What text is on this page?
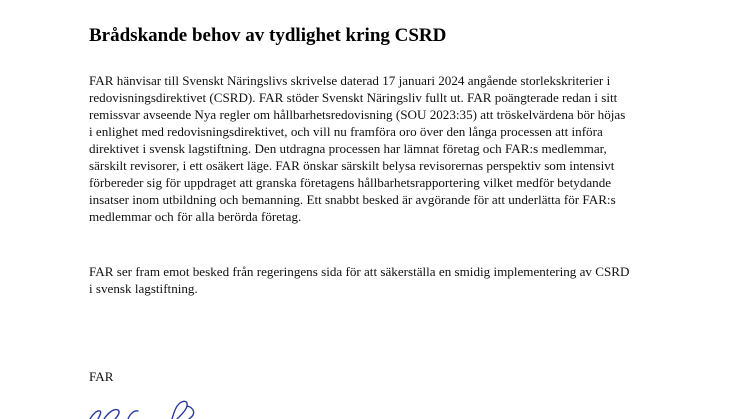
Brådskande behov av tydlighet kring CSRD

FAR hänvisar till Svenskt Näringslivs skrivelse daterad 17 januari 2024 angående storlekskriterier i
redovisningsdirektivet (CSRD). FAR stöder Svenskt Näringsliv fullt ut. FAR poängterade redan i sitt
remissvar avseende Nya regler om hållbarhetsredovisning (SOU 2023:35) att tröskelvärdena bör höjas
i enlighet med redovisningsdirektivet, och vill nu framföra oro över den långa processen att införa
direktivet i svensk lagstiftning. Den utdragna processen har lämnat företag och FAR:s medlemmar,
särskilt revisorer, i ett osäkert läge. FAR önskar särskilt belysa revisorernas perspektiv som intensivt
förbereder sig för uppdraget att granska företagens hållbarhetsrapportering vilket medför betydande
insatser inom utbildning och bemanning. Ett snabbt besked är avgörande för att underlätta för FAR:s
medlemmar och för alla berörda företag.

FAR ser fram emot besked från regeringens sida för att säkerställa en smidig implementering av CSRD
i svensk lagstiftning.

FAR
